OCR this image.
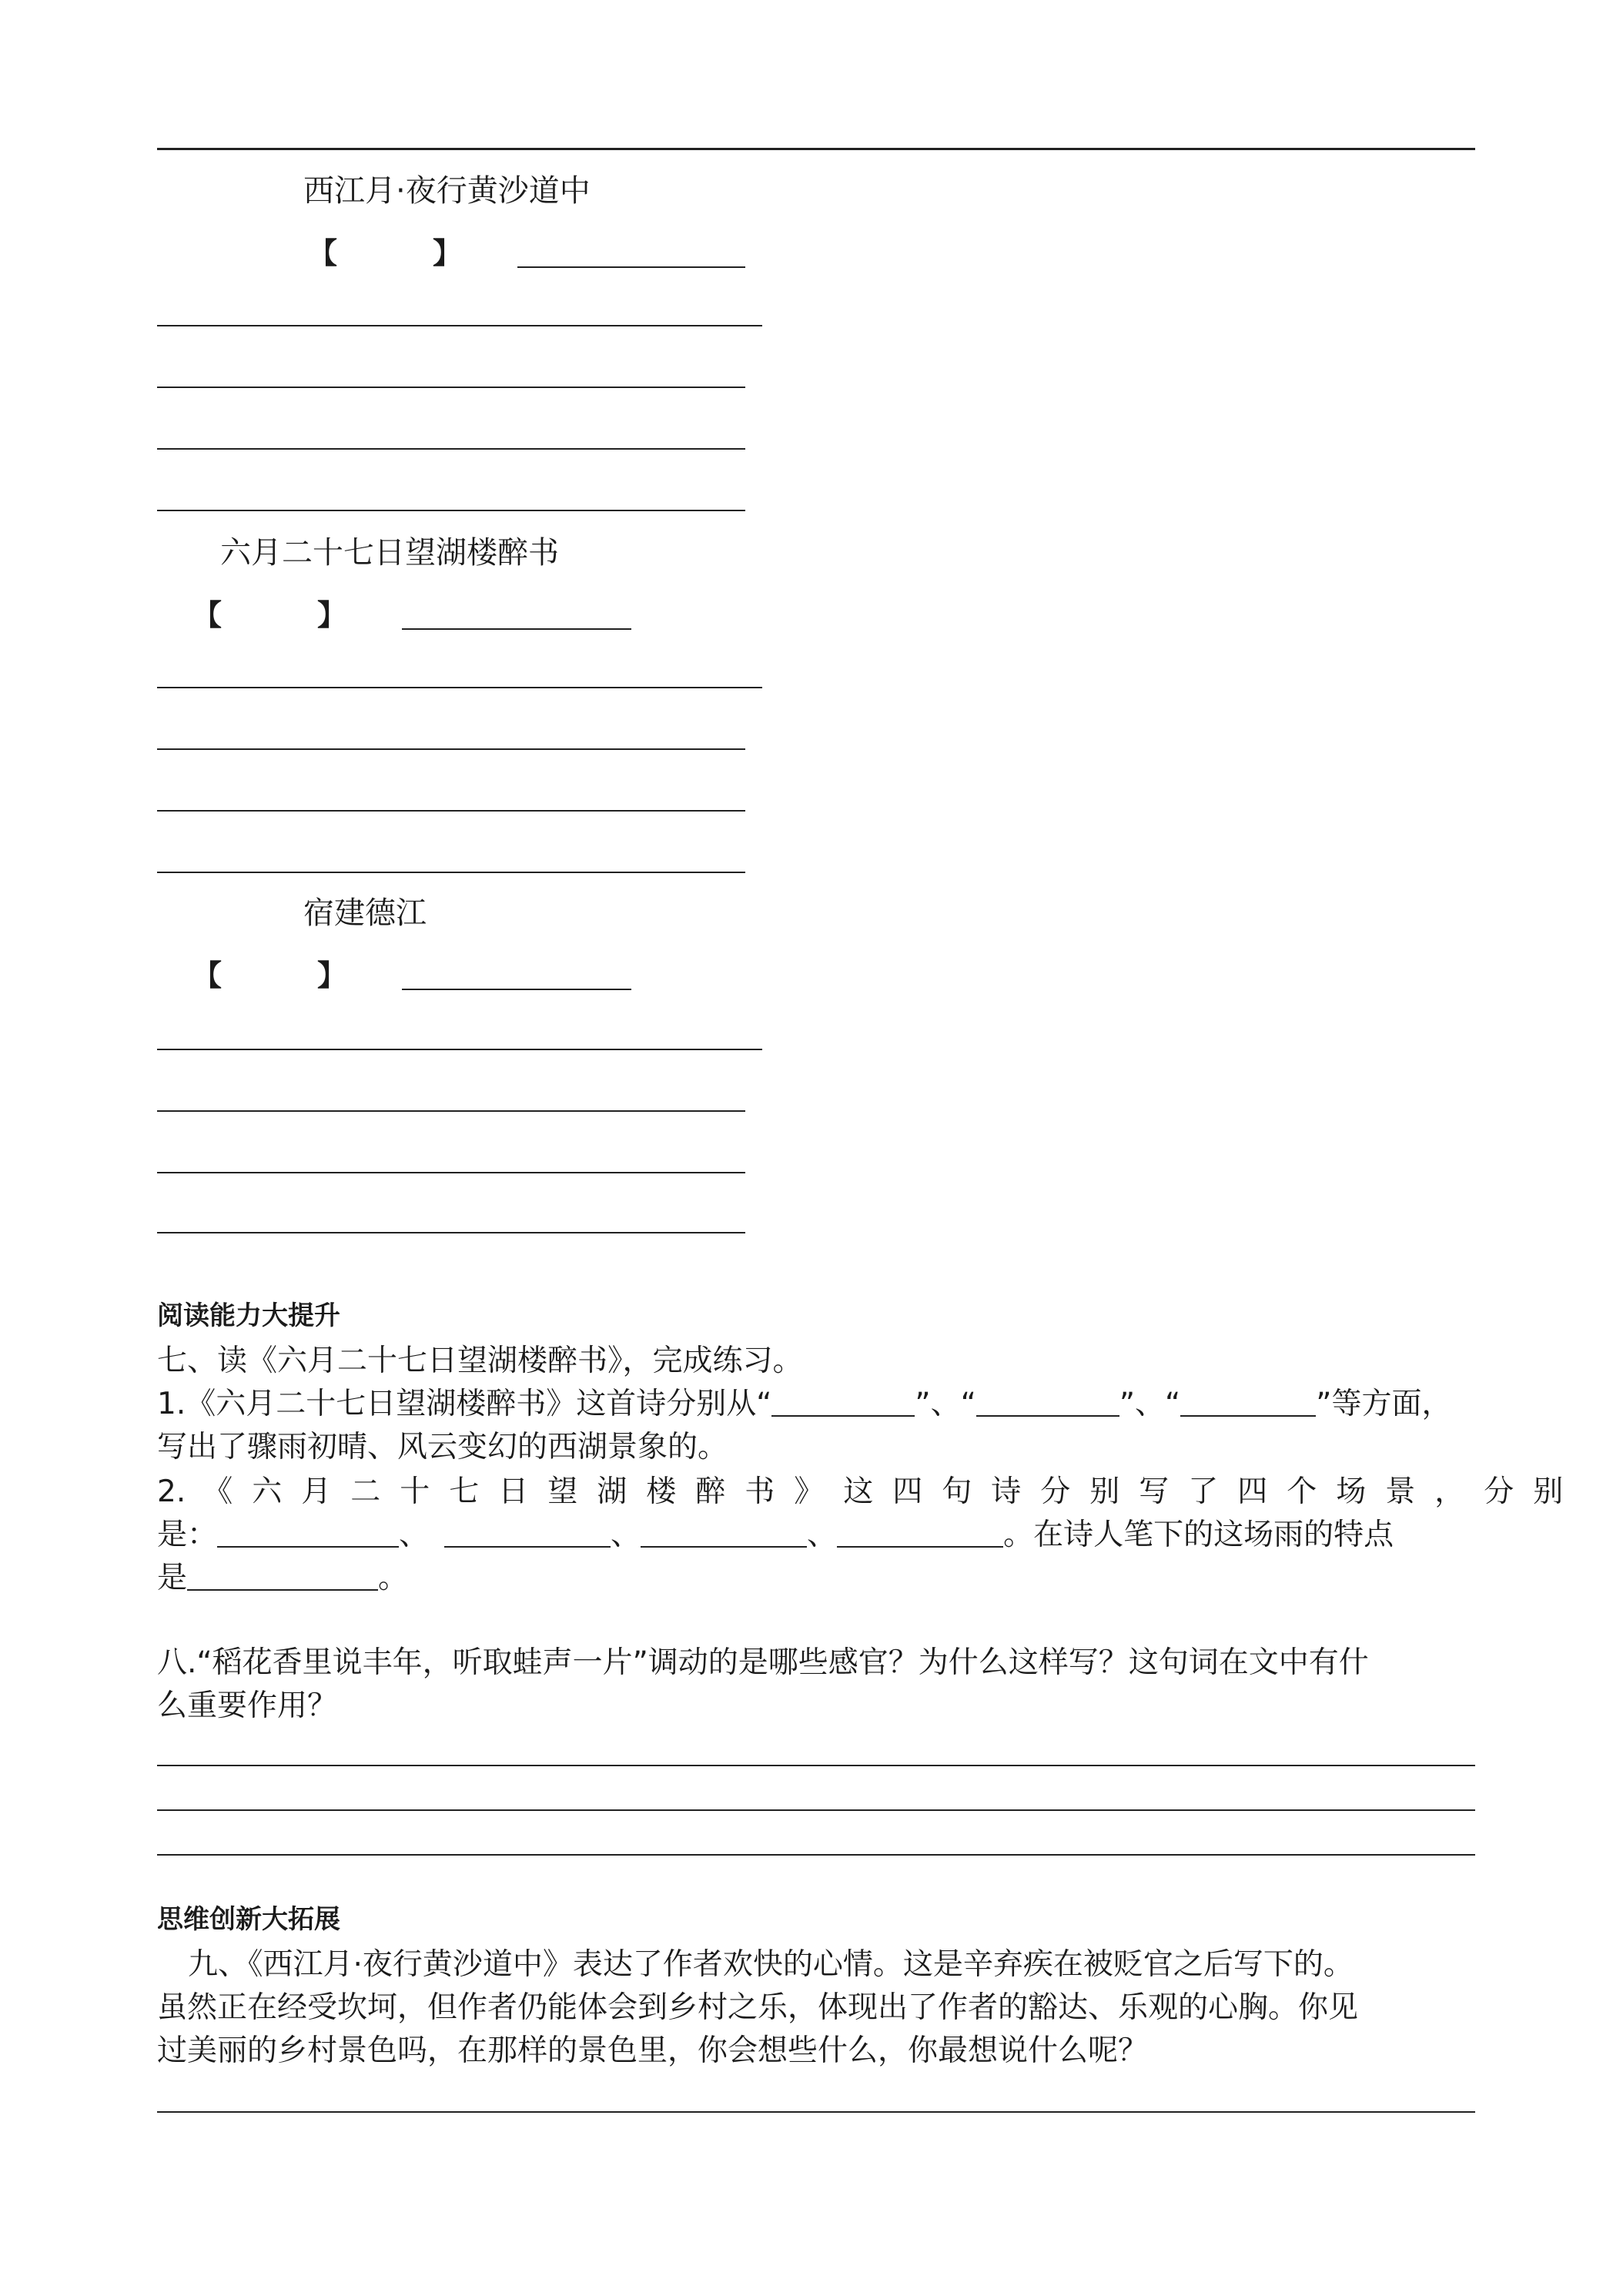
西江月·夜行黄沙道中
【	】
六月二十七日望湖楼醉书
【	】
宿建德江
【	】
阅读能力大提升
七、读《六月二十七日望湖楼醉书》，完成练习。
1.《六月二十七日望湖楼醉书》这首诗分别从“	”、“	”、“	”等方面，
写出了骤雨初晴、风云变幻的西湖景象的。
2. 《六月二十七日望湖楼醉书》这四句诗分别写了四个场景，分别
是：	、	、	、	。在诗人笔下的这场雨的特点
是	。
八.“稻花香里说丰年，听取蛙声一片”调动的是哪些感官？为什么这样写？这句词在文中有什
么重要作用？
思维创新大拓展
九、《西江月·夜行黄沙道中》表达了作者欢快的心情。这是辛弃疾在被贬官之后写下的。
虽然正在经受坎坷，但作者仍能体会到乡村之乐，体现出了作者的豁达、乐观的心胸。你见
过美丽的乡村景色吗，在那样的景色里，你会想些什么，你最想说什么呢？
